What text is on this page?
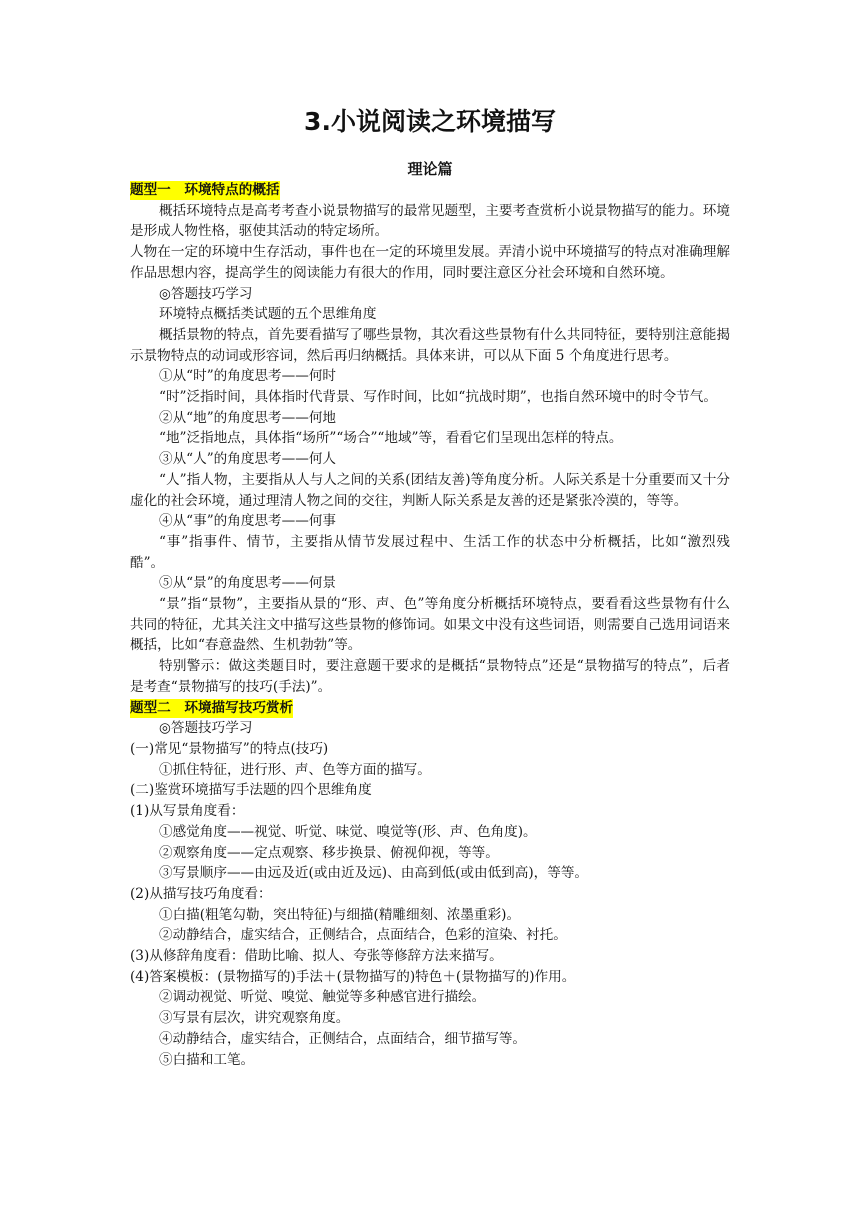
3.小说阅读之环境描写
理论篇

题型一　环境特点的概括

概括环境特点是高考考查小说景物描写的最常见题型，主要考查赏析小说景物描写的能力。环境是形成人物性格，驱使其活动的特定场所。

人物在一定的环境中生存活动，事件也在一定的环境里发展。弄清小说中环境描写的特点对准确理解作品思想内容，提高学生的阅读能力有很大的作用，同时要注意区分社会环境和自然环境。

◎答题技巧学习

环境特点概括类试题的五个思维角度

概括景物的特点，首先要看描写了哪些景物，其次看这些景物有什么共同特征，要特别注意能揭示景物特点的动词或形容词，然后再归纳概括。具体来讲，可以从下面 5 个角度进行思考。

①从“时”的角度思考——何时

“时”泛指时间，具体指时代背景、写作时间，比如“抗战时期”，也指自然环境中的时令节气。

②从“地”的角度思考——何地

“地”泛指地点，具体指“场所”“场合”“地域”等，看看它们呈现出怎样的特点。

③从“人”的角度思考——何人

“人”指人物，主要指从人与人之间的关系(团结友善)等角度分析。人际关系是十分重要而又十分虚化的社会环境，通过理清人物之间的交往，判断人际关系是友善的还是紧张冷漠的，等等。

④从“事”的角度思考——何事

“事”指事件、情节，主要指从情节发展过程中、生活工作的状态中分析概括，比如“激烈残酷”。

⑤从“景”的角度思考——何景

“景”指“景物”，主要指从景的“形、声、色”等角度分析概括环境特点，要看看这些景物有什么共同的特征，尤其关注文中描写这些景物的修饰词。如果文中没有这些词语，则需要自己选用词语来概括，比如“春意盎然、生机勃勃”等。

特别警示：做这类题目时，要注意题干要求的是概括“景物特点”还是“景物描写的特点”，后者是考查“景物描写的技巧(手法)”。

题型二　环境描写技巧赏析

◎答题技巧学习

(一)常见“景物描写”的特点(技巧)

①抓住特征，进行形、声、色等方面的描写。

(二)鉴赏环境描写手法题的四个思维角度

(1)从写景角度看：

①感觉角度——视觉、听觉、味觉、嗅觉等(形、声、色角度)。

②观察角度——定点观察、移步换景、俯视仰视，等等。

③写景顺序——由远及近(或由近及远)、由高到低(或由低到高)，等等。

(2)从描写技巧角度看：

①白描(粗笔勾勒，突出特征)与细描(精雕细刻、浓墨重彩)。

②动静结合，虚实结合，正侧结合，点面结合，色彩的渲染、衬托。

(3)从修辞角度看：借助比喻、拟人、夸张等修辞方法来描写。

(4)答案模板：(景物描写的)手法＋(景物描写的)特色＋(景物描写的)作用。

②调动视觉、听觉、嗅觉、触觉等多种感官进行描绘。

③写景有层次，讲究观察角度。

④动静结合，虚实结合，正侧结合，点面结合，细节描写等。

⑤白描和工笔。
